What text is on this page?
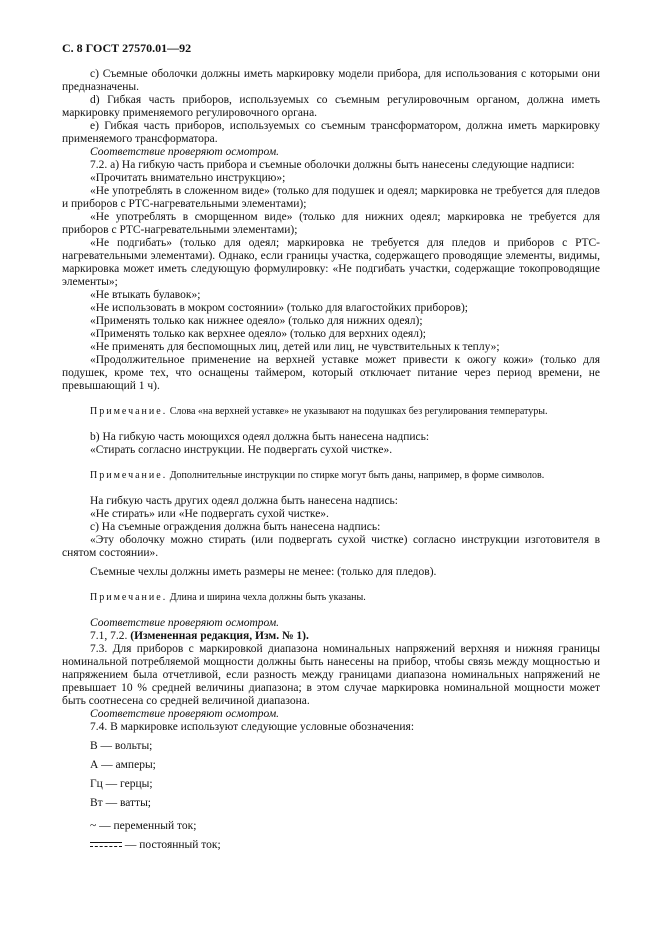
С. 8 ГОСТ 27570.01—92

c) Съемные оболочки должны иметь маркировку модели прибора, для использования с которыми они предназначены.

d) Гибкая часть приборов, используемых со съемным регулировочным органом, должна иметь маркировку применяемого регулировочного органа.

e) Гибкая часть приборов, используемых со съемным трансформатором, должна иметь маркировку применяемого трансформатора.

Соответствие проверяют осмотром.

7.2. a) На гибкую часть прибора и съемные оболочки должны быть нанесены следующие надписи:

«Прочитать внимательно инструкцию»;

«Не употреблять в сложенном виде» (только для подушек и одеял; маркировка не требуется для пледов и приборов с PTC-нагревательными элементами);

«Не употреблять в сморщенном виде» (только для нижних одеял; маркировка не требуется для приборов с PTC-нагревательными элементами);

«Не подгибать» (только для одеял; маркировка не требуется для пледов и приборов с PTC-нагревательными элементами). Однако, если границы участка, содержащего проводящие элементы, видимы, маркировка может иметь следующую формулировку: «Не подгибать участки, содержащие токопроводящие элементы»;

«Не втыкать булавок»;

«Не использовать в мокром состоянии» (только для влагостойких приборов);

«Применять только как нижнее одеяло» (только для нижних одеял);

«Применять только как верхнее одеяло» (только для верхних одеял);

«Не применять для беспомощных лиц, детей или лиц, не чувствительных к теплу»;

«Продолжительное применение на верхней уставке может привести к ожогу кожи» (только для подушек, кроме тех, что оснащены таймером, который отключает питание через период времени, не превышающий 1 ч).

Примечание. Слова «на верхней уставке» не указывают на подушках без регулирования температуры.

b) На гибкую часть моющихся одеял должна быть нанесена надпись:

«Стирать согласно инструкции. Не подвергать сухой чистке».

Примечание. Дополнительные инструкции по стирке могут быть даны, например, в форме символов.

На гибкую часть других одеял должна быть нанесена надпись:

«Не стирать» или «Не подвергать сухой чистке».

c) На съемные ограждения должна быть нанесена надпись:

«Эту оболочку можно стирать (или подвергать сухой чистке) согласно инструкции изготовителя в снятом состоянии».

Съемные чехлы должны иметь размеры не менее: (только для пледов).

Примечание. Длина и ширина чехла должны быть указаны.

Соответствие проверяют осмотром.

7.1, 7.2. (Измененная редакция, Изм. № 1).

7.3. Для приборов с маркировкой диапазона номинальных напряжений верхняя и нижняя границы номинальной потребляемой мощности должны быть нанесены на прибор, чтобы связь между мощностью и напряжением была отчетливой, если разность между границами диапазона номинальных напряжений не превышает 10 % средней величины диапазона; в этом случае маркировка номинальной мощности может быть соотнесена со средней величиной диапазона.

Соответствие проверяют осмотром.

7.4. В маркировке используют следующие условные обозначения:

В — вольты;

А — амперы;

Гц — герцы;

Вт — ватты;

~ — переменный ток;

— постоянный ток;
